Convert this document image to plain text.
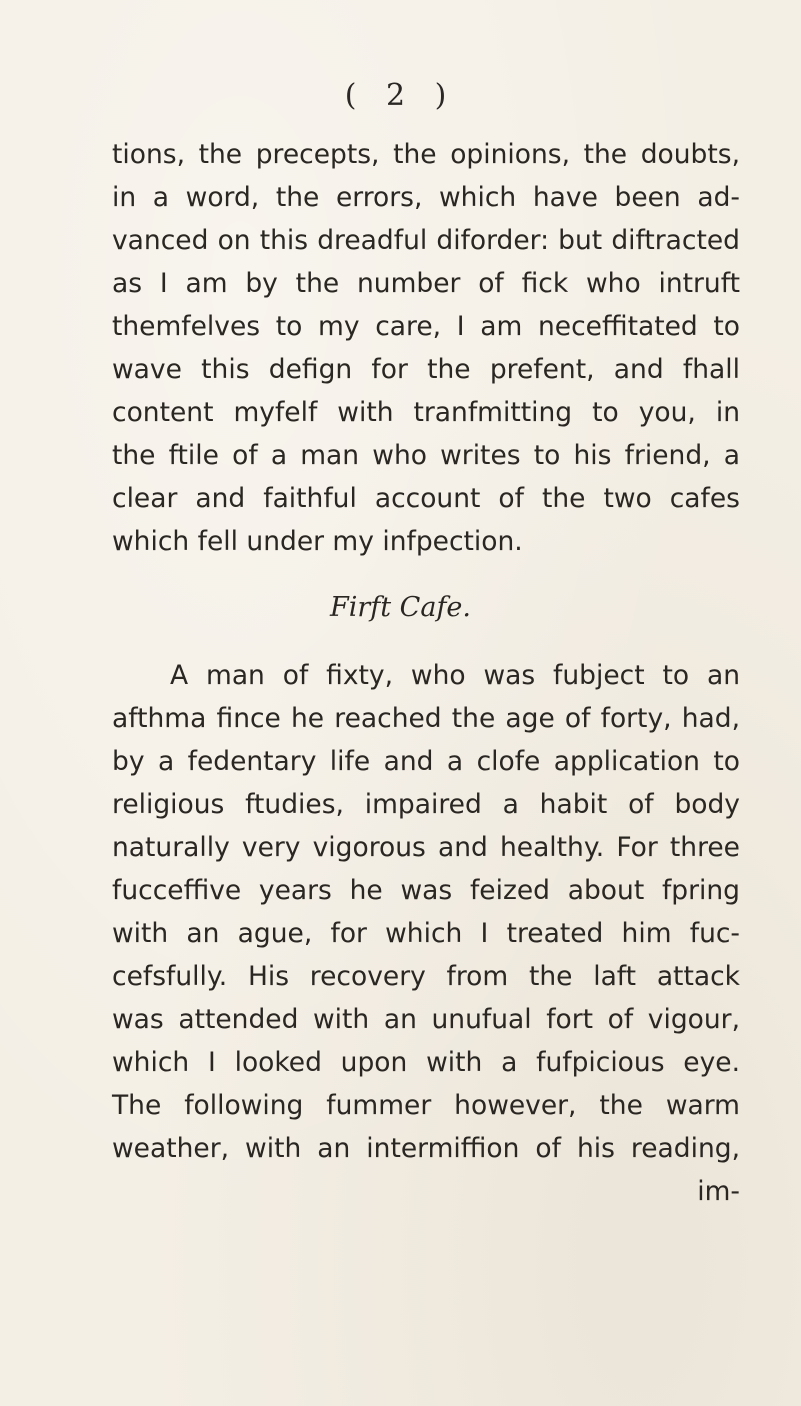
( 2 )
tions, the precepts, the opinions, the doubts,
in a word, the errors, which have been ad-
vanced on this dreadful diforder: but diftracted
as I am by the number of fick who intruft
themfelves to my care, I am neceffitated to
wave this defign for the prefent, and fhall
content myfelf with tranfmitting to you, in
the ftile of a man who writes to his friend, a
clear and faithful account of the two cafes
which fell under my infpection.
Firft Cafe.
A man of fixty, who was fubject to an
afthma fince he reached the age of forty, had,
by a fedentary life and a clofe application to
religious ftudies, impaired a habit of body
naturally very vigorous and healthy. For three
fucceffive years he was feized about fpring
with an ague, for which I treated him fuc-
cefsfully. His recovery from the laft attack
was attended with an unufual fort of vigour,
which I looked upon with a fufpicious eye.
The following fummer however, the warm
weather, with an intermiffion of his reading,
im-
